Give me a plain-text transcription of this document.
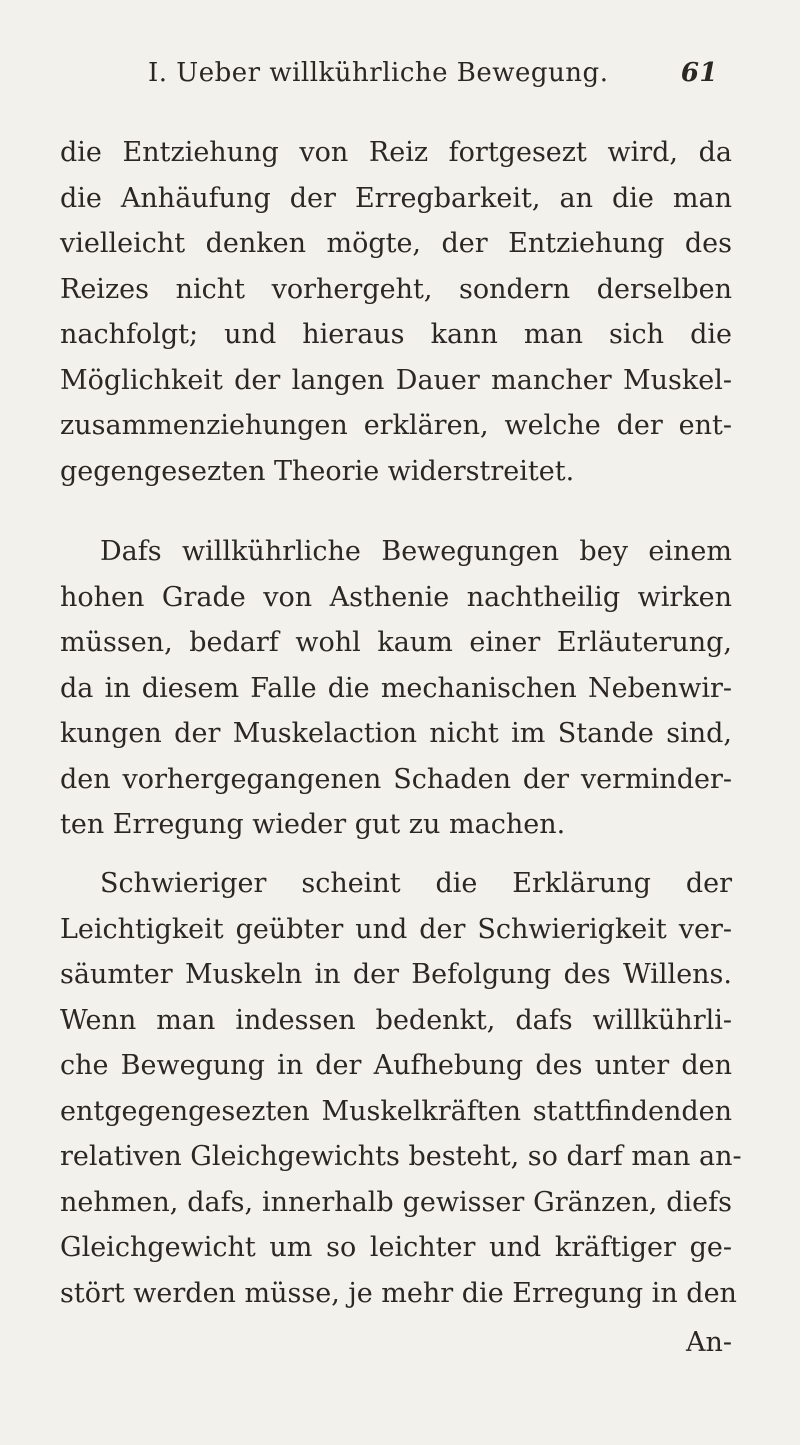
I. Ueber willkührliche Bewegung.	61
die Entziehung von Reiz fortgesezt wird, da
die Anhäufung der Erregbarkeit, an die man
vielleicht denken mögte, der Entziehung des
Reizes nicht vorhergeht, sondern derselben
nachfolgt; und hieraus kann man sich die
Möglichkeit der langen Dauer mancher Muskel-
zusammenziehungen erklären, welche der ent-
gegengesezten Theorie widerstreitet.
Dafs willkührliche Bewegungen bey einem
hohen Grade von Asthenie nachtheilig wirken
müssen, bedarf wohl kaum einer Erläuterung,
da in diesem Falle die mechanischen Nebenwir-
kungen der Muskelaction nicht im Stande sind,
den vorhergegangenen Schaden der verminder-
ten Erregung wieder gut zu machen.
Schwieriger scheint die Erklärung der
Leichtigkeit geübter und der Schwierigkeit ver-
säumter Muskeln in der Befolgung des Willens.
Wenn man indessen bedenkt, dafs willkührli-
che Bewegung in der Aufhebung des unter den
entgegengesezten Muskelkräften stattfindenden
relativen Gleichgewichts besteht, so darf man an-
nehmen, dafs, innerhalb gewisser Gränzen, diefs
Gleichgewicht um so leichter und kräftiger ge-
stört werden müsse, je mehr die Erregung in den
An-
